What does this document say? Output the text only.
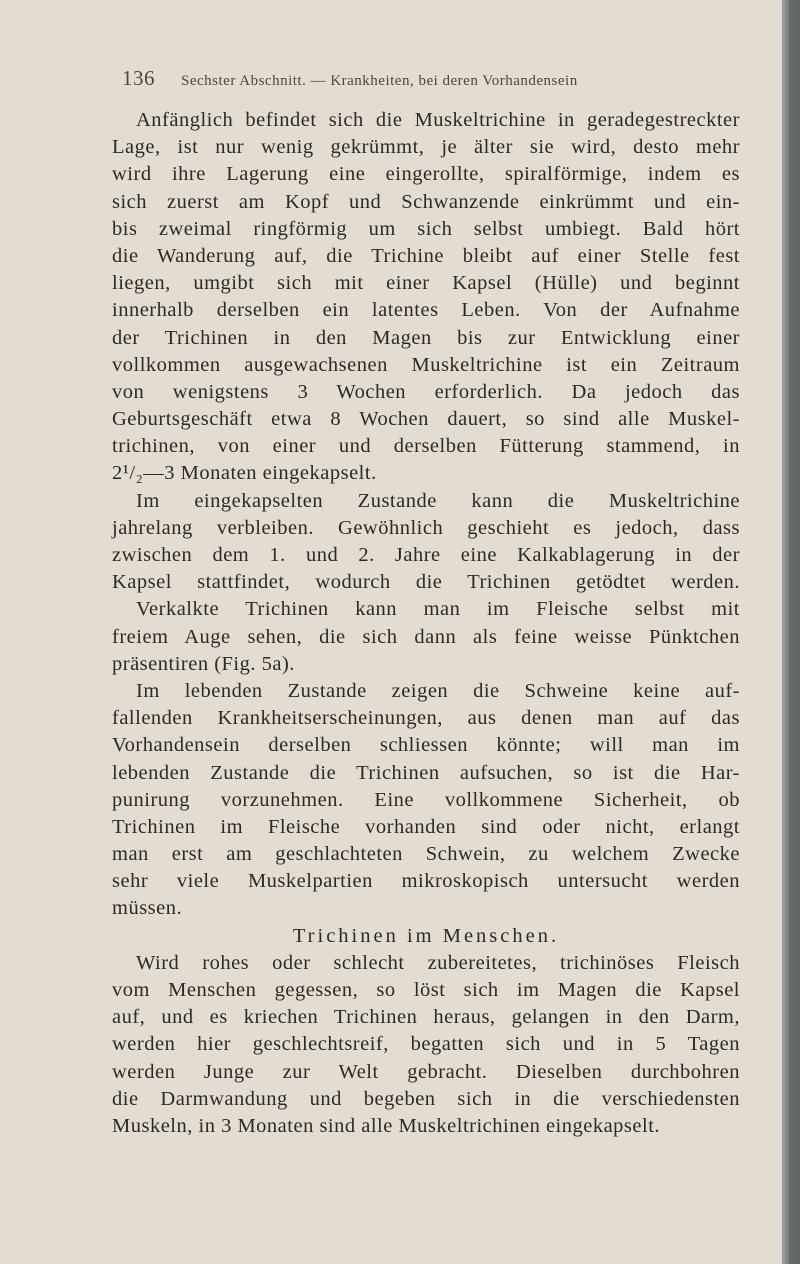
136 Sechster Abschnitt. — Krankheiten, bei deren Vorhandensein
Anfänglich befindet sich die Muskeltrichine in geradegestreckter
Lage, ist nur wenig gekrümmt, je älter sie wird, desto mehr
wird ihre Lagerung eine eingerollte, spiralförmige, indem es
sich zuerst am Kopf und Schwanzende einkrümmt und ein-
bis zweimal ringförmig um sich selbst umbiegt. Bald hört
die Wanderung auf, die Trichine bleibt auf einer Stelle fest
liegen, umgibt sich mit einer Kapsel (Hülle) und beginnt
innerhalb derselben ein latentes Leben. Von der Aufnahme
der Trichinen in den Magen bis zur Entwicklung einer
vollkommen ausgewachsenen Muskeltrichine ist ein Zeitraum
von wenigstens 3 Wochen erforderlich. Da jedoch das
Geburtsgeschäft etwa 8 Wochen dauert, so sind alle Muskel-
trichinen, von einer und derselben Fütterung stammend, in
2¹/₂—3 Monaten eingekapselt.
Im eingekapselten Zustande kann die Muskeltrichine
jahrelang verbleiben. Gewöhnlich geschieht es jedoch, dass
zwischen dem 1. und 2. Jahre eine Kalkablagerung in der
Kapsel stattfindet, wodurch die Trichinen getödtet werden.
Verkalkte Trichinen kann man im Fleische selbst mit
freiem Auge sehen, die sich dann als feine weisse Pünktchen
präsentiren (Fig. 5a).
Im lebenden Zustande zeigen die Schweine keine auf-
fallenden Krankheitserscheinungen, aus denen man auf das
Vorhandensein derselben schliessen könnte; will man im
lebenden Zustande die Trichinen aufsuchen, so ist die Har-
punirung vorzunehmen. Eine vollkommene Sicherheit, ob
Trichinen im Fleische vorhanden sind oder nicht, erlangt
man erst am geschlachteten Schwein, zu welchem Zwecke
sehr viele Muskelpartien mikroskopisch untersucht werden
müssen.
Trichinen im Menschen.
Wird rohes oder schlecht zubereitetes, trichinöses Fleisch
vom Menschen gegessen, so löst sich im Magen die Kapsel
auf, und es kriechen Trichinen heraus, gelangen in den Darm,
werden hier geschlechtsreif, begatten sich und in 5 Tagen
werden Junge zur Welt gebracht. Dieselben durchbohren
die Darmwandung und begeben sich in die verschiedensten
Muskeln, in 3 Monaten sind alle Muskeltrichinen eingekapselt.
